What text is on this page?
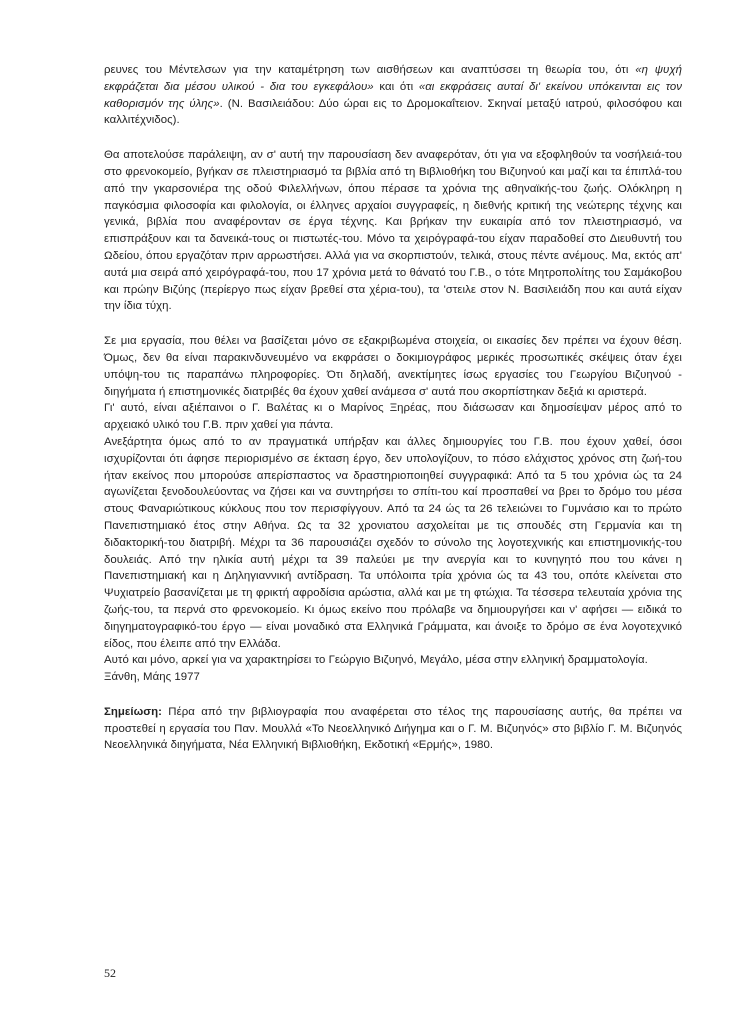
ρευνες του Μέντελσων για την καταμέτρηση των αισθήσεων και αναπτύσσει τη θεωρία του, ότι «η ψυχή εκφράζεται δια μέσου υλικού - δια του εγκεφάλου» και ότι «αι εκφράσεις αυταί δι' εκείνου υπόκεινται εις τον καθορισμόν της ύλης». (Ν. Βασιλειάδου: Δύο ώραι εις το Δρομοκαΐτειον. Σκηναί μεταξύ ιατρού, φιλοσόφου και καλλιτέχνιδος).

Θα αποτελούσε παράλειψη, αν σ' αυτή την παρουσίαση δεν αναφερόταν, ότι για να εξοφληθούν τα νοσήλειά-του στο φρενοκομείο, βγήκαν σε πλειστηριασμό τα βιβλία από τη Βιβλιοθήκη του Βιζυηνού και μαζί και τα έπιπλά-του από την γκαρσονιέρα της οδού Φιλελλήνων, όπου πέρασε τα χρόνια της αθηναϊκής-του ζωής. Ολόκληρη η παγκόσμια φιλοσοφία και φιλολογία, οι έλληνες αρχαίοι συγγραφείς, η διεθνής κριτική της νεώτερης τέχνης και γενικά, βιβλία που αναφέρονταν σε έργα τέχνης. Και βρήκαν την ευκαιρία από τον πλειστηριασμό, να επισπράξουν και τα δανεικά-τους οι πιστωτές-του. Μόνο τα χειρόγραφά-του είχαν παραδοθεί στο Διευθυντή του Ωδείου, όπου εργαζόταν πριν αρρωστήσει. Αλλά για να σκορπιστούν, τελικά, στους πέντε ανέμους. Μα, εκτός απ' αυτά μια σειρά από χειρόγραφά-του, που 17 χρόνια μετά το θάνατό του Γ.Β., ο τότε Μητροπολίτης του Σαμάκοβου και πρώην Βιζύης (περίεργο πως είχαν βρεθεί στα χέρια-του), τα 'στειλε στον Ν. Βασιλειάδη που και αυτά είχαν την ίδια τύχη.

Σε μια εργασία, που θέλει να βασίζεται μόνο σε εξακριβωμένα στοιχεία, οι εικασίες δεν πρέπει να έχουν θέση. Όμως, δεν θα είναι παρακινδυνευμένο να εκφράσει ο δοκιμιογράφος μερικές προσωπικές σκέψεις όταν έχει υπόψη-του τις παραπάνω πληροφορίες. Ότι δηλαδή, ανεκτίμητες ίσως εργασίες του Γεωργίου Βιζυηνού - διηγήματα ή επιστημονικές διατριβές θα έχουν χαθεί ανάμεσα σ' αυτά που σκορπίστηκαν δεξιά κι αριστερά.

Γι' αυτό, είναι αξιέπαινοι ο Γ. Βαλέτας κι ο Μαρίνος Ξηρέας, που διάσωσαν και δημοσίεψαν μέρος από το αρχειακό υλικό του Γ.Β. πριν χαθεί για πάντα.

Ανεξάρτητα όμως από το αν πραγματικά υπήρξαν και άλλες δημιουργίες του Γ.Β. που έχουν χαθεί, όσοι ισχυρίζονται ότι άφησε περιορισμένο σε έκταση έργο, δεν υπολογίζουν, το πόσο ελάχιστος χρόνος στη ζωή-του ήταν εκείνος που μπορούσε απερίσπαστος να δραστηριοποιηθεί συγγραφικά: Από τα 5 του χρόνια ώς τα 24 αγωνίζεται ξενοδουλεύοντας να ζήσει και να συντηρήσει το σπίτι-του καί προσπαθεί να βρει το δρόμο του μέσα στους Φαναριώτικους κύκλους που τον περισφίγγουν. Από τα 24 ώς τα 26 τελειώνει το Γυμνάσιο και το πρώτο Πανεπιστημιακό έτος στην Αθήνα. Ως τα 32 χρονιατου ασχολείται με τις σπουδές στη Γερμανία και τη διδακτορική-του διατριβή. Μέχρι τα 36 παρουσιάζει σχεδόν το σύνολο της λογοτεχνικής και επιστημονικής-του δουλειάς. Από την ηλικία αυτή μέχρι τα 39 παλεύει με την ανεργία και το κυνηγητό που του κάνει η Πανεπιστημιακή και η Δηληγιαννική αντίδραση. Τα υπόλοιπα τρία χρόνια ώς τα 43 του, οπότε κλείνεται στο Ψυχιατρείο βασανίζεται με τη φρικτή αφροδίσια αρώστια, αλλά και με τη φτώχια. Τα τέσσερα τελευταία χρόνια της ζωής-του, τα περνά στο φρενοκομείο. Κι όμως εκείνο που πρόλαβε να δημιουργήσει και ν' αφήσει — ειδικά το διηγηματογραφικό-του έργο — είναι μοναδικό στα Ελληνικά Γράμματα, και άνοιξε το δρόμο σε ένα λογοτεχνικό είδος, που έλειπε από την Ελλάδα.

Αυτό και μόνο, αρκεί για να χαρακτηρίσει το Γεώργιο Βιζυηνό, Μεγάλο, μέσα στην ελληνική δραμματολογία.

Ξάνθη, Μάης 1977

Σημείωση: Πέρα από την βιβλιογραφία που αναφέρεται στο τέλος της παρουσίασης αυτής, θα πρέπει να προστεθεί η εργασία του Παν. Μουλλά «Το Νεοελληνικό Διήγημα και ο Γ. Μ. Βιζυηνός» στο βιβλίο Γ. Μ. Βιζυηνός Νεοελληνικά διηγήματα, Νέα Ελληνική Βιβλιοθήκη, Εκδοτική «Ερμής», 1980.

52
